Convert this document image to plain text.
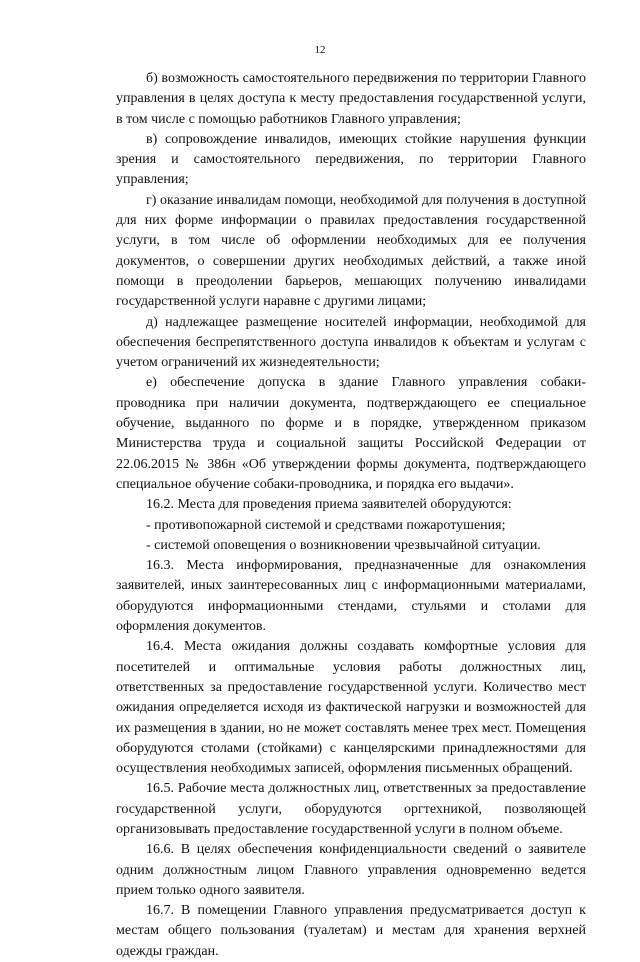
12

б) возможность самостоятельного передвижения по территории Главного управления в целях доступа к месту предоставления государственной услуги, в том числе с помощью работников Главного управления;

в) сопровождение инвалидов, имеющих стойкие нарушения функции зрения и самостоятельного передвижения, по территории Главного управления;

г) оказание инвалидам помощи, необходимой для получения в доступной для них форме информации о правилах предоставления государственной услуги, в том числе об оформлении необходимых для ее получения документов, о совершении других необходимых действий, а также иной помощи в преодолении барьеров, мешающих получению инвалидами государственной услуги наравне с другими лицами;

д) надлежащее размещение носителей информации, необходимой для обеспечения беспрепятственного доступа инвалидов к объектам и услугам с учетом ограничений их жизнедеятельности;

е) обеспечение допуска в здание Главного управления собаки-проводника при наличии документа, подтверждающего ее специальное обучение, выданного по форме и в порядке, утвержденном приказом Министерства труда и социальной защиты Российской Федерации от 22.06.2015 № 386н «Об утверждении формы документа, подтверждающего специальное обучение собаки-проводника, и порядка его выдачи».

16.2. Места для проведения приема заявителей оборудуются:

- противопожарной системой и средствами пожаротушения;

- системой оповещения о возникновении чрезвычайной ситуации.

16.3. Места информирования, предназначенные для ознакомления заявителей, иных заинтересованных лиц с информационными материалами, оборудуются информационными стендами, стульями и столами для оформления документов.

16.4. Места ожидания должны создавать комфортные условия для посетителей и оптимальные условия работы должностных лиц, ответственных за предоставление государственной услуги. Количество мест ожидания определяется исходя из фактической нагрузки и возможностей для их размещения в здании, но не может составлять менее трех мест. Помещения оборудуются столами (стойками) с канцелярскими принадлежностями для осуществления необходимых записей, оформления письменных обращений.

16.5. Рабочие места должностных лиц, ответственных за предоставление государственной услуги, оборудуются оргтехникой, позволяющей организовывать предоставление государственной услуги в полном объеме.

16.6. В целях обеспечения конфиденциальности сведений о заявителе одним должностным лицом Главного управления одновременно ведется прием только одного заявителя.

16.7. В помещении Главного управления предусматривается доступ к местам общего пользования (туалетам) и местам для хранения верхней одежды граждан.
